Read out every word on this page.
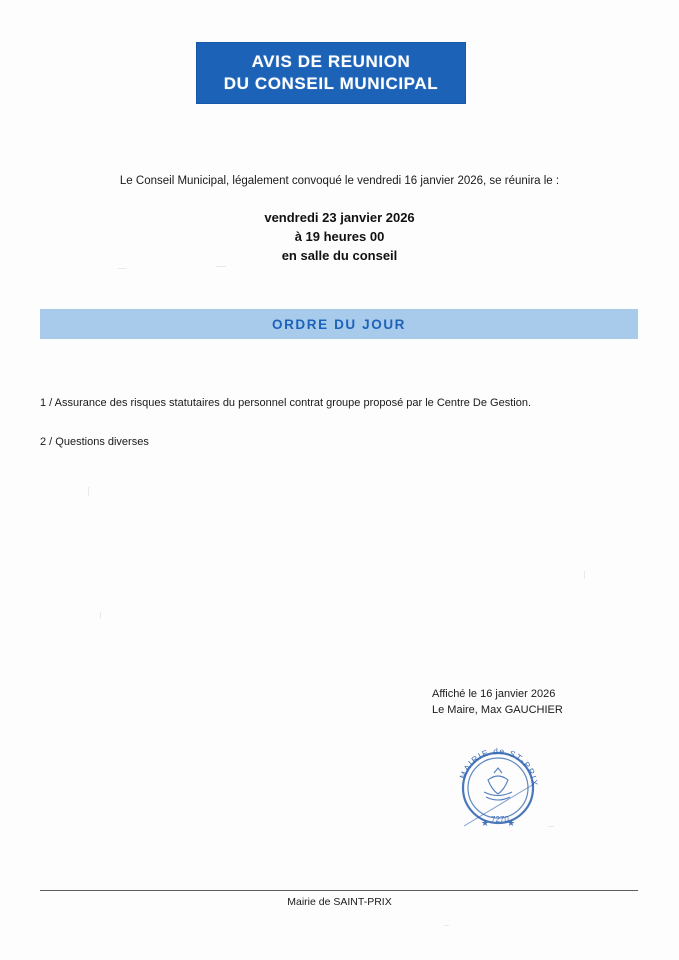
AVIS DE REUNION
DU CONSEIL MUNICIPAL
Le Conseil Municipal, légalement convoqué le vendredi 16 janvier 2026, se réunira le :
vendredi 23 janvier 2026
à 19 heures 00
en salle du conseil
ORDRE DU JOUR
1 / Assurance des risques statutaires du personnel contrat groupe proposé par le Centre De Gestion.
2 / Questions diverses
Affiché le 16 janvier 2026
Le Maire, Max GAUCHIER
MAIRIE de ST-PRIX
★ ★
7270
Mairie de SAINT-PRIX
